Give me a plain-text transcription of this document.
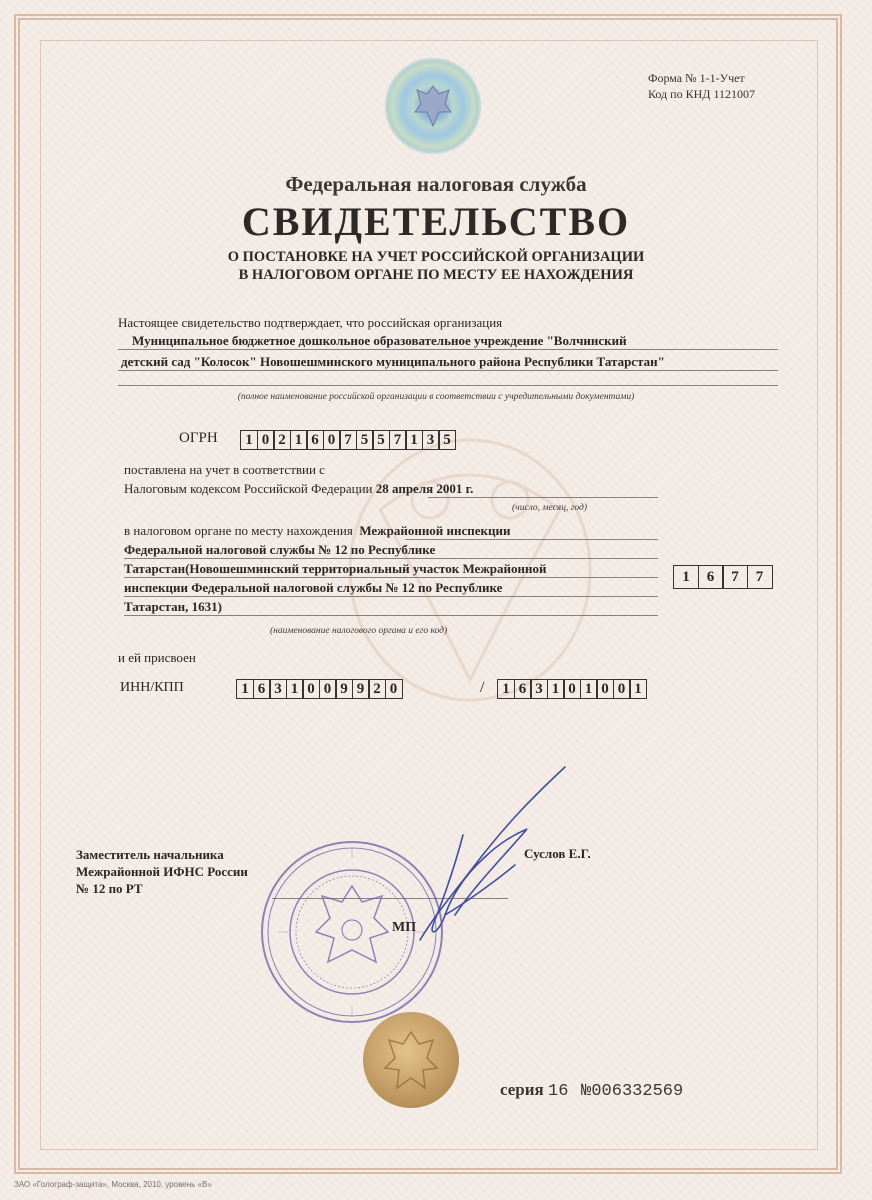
Форма № 1-1-Учет
Код по КНД 1121007
Федеральная налоговая служба
СВИДЕТЕЛЬСТВО
О ПОСТАНОВКЕ НА УЧЕТ РОССИЙСКОЙ ОРГАНИЗАЦИИ
В НАЛОГОВОМ ОРГАНЕ ПО МЕСТУ ЕЕ НАХОЖДЕНИЯ
Настоящее свидетельство подтверждает, что российская организация
Муниципальное бюджетное дошкольное образовательное учреждение "Волчинский
детский сад "Колосок" Новошешминского муниципального района Республики Татарстан"
(полное наименование российской организации в соответствии с учредительными документами)
ОГРН	1 0 2 1 6 0 7 5 5 7 1 3 5
поставлена на учет в соответствии с
Налоговым кодексом Российской Федерации 28 апреля 2001 г.
(число, месяц, год)
в налоговом органе по месту нахождения Межрайонной инспекции
Федеральной налоговой службы № 12 по Республике
Татарстан(Новошешминский территориальный участок Межрайонной
инспекции Федеральной налоговой службы № 12 по Республике
Татарстан, 1631)
(наименование налогового органа и его код)
1	6	7	7
и ей присвоен
ИНН/КПП	1 6 3 1 0 0 9 9 2 0	/	1 6 3 1 0 1 0 0 1
Заместитель начальника
Межрайонной ИФНС России
№ 12 по РТ
Суслов Е.Г.
МП
серия 16 №006332569
ЗАО «Голограф-защита», Москва, 2010, уровень «В»
